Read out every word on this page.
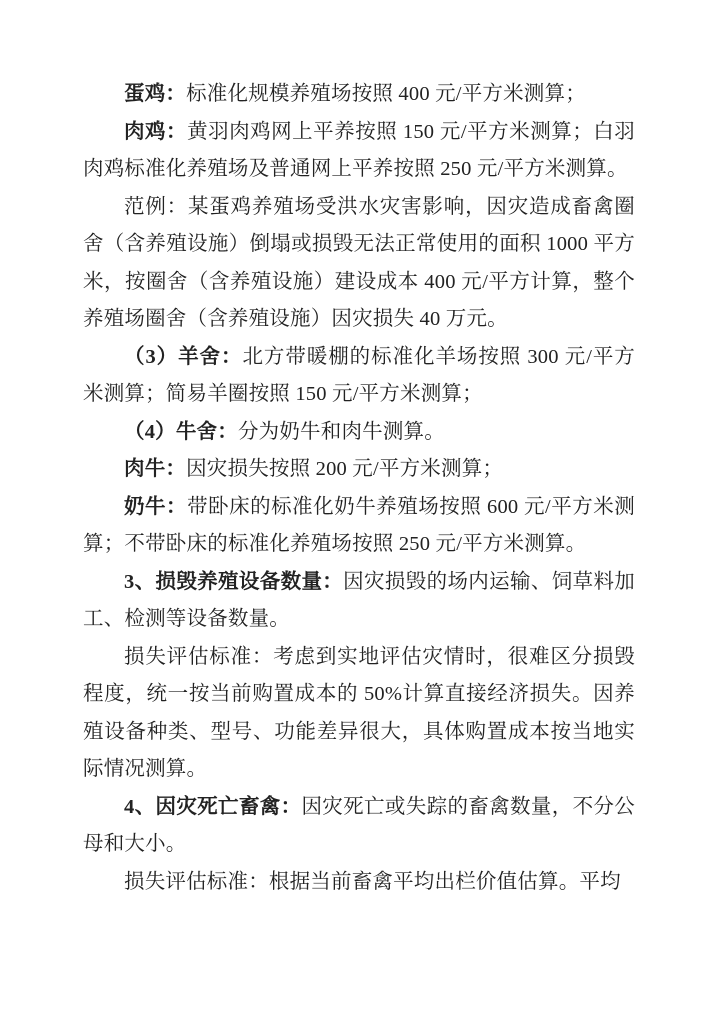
蛋鸡：标准化规模养殖场按照 400 元/平方米测算；

肉鸡：黄羽肉鸡网上平养按照 150 元/平方米测算；白羽肉鸡标准化养殖场及普通网上平养按照 250 元/平方米测算。

范例：某蛋鸡养殖场受洪水灾害影响，因灾造成畜禽圈舍（含养殖设施）倒塌或损毁无法正常使用的面积 1000 平方米，按圈舍（含养殖设施）建设成本 400 元/平方计算，整个养殖场圈舍（含养殖设施）因灾损失 40 万元。

（3）羊舍：北方带暖棚的标准化羊场按照 300 元/平方米测算；简易羊圈按照 150 元/平方米测算；

（4）牛舍：分为奶牛和肉牛测算。

肉牛：因灾损失按照 200 元/平方米测算；

奶牛：带卧床的标准化奶牛养殖场按照 600 元/平方米测算；不带卧床的标准化养殖场按照 250 元/平方米测算。

3、损毁养殖设备数量：因灾损毁的场内运输、饲草料加工、检测等设备数量。

损失评估标准：考虑到实地评估灾情时，很难区分损毁程度，统一按当前购置成本的 50%计算直接经济损失。因养殖设备种类、型号、功能差异很大，具体购置成本按当地实际情况测算。

4、因灾死亡畜禽：因灾死亡或失踪的畜禽数量，不分公母和大小。

损失评估标准：根据当前畜禽平均出栏价值估算。平均
